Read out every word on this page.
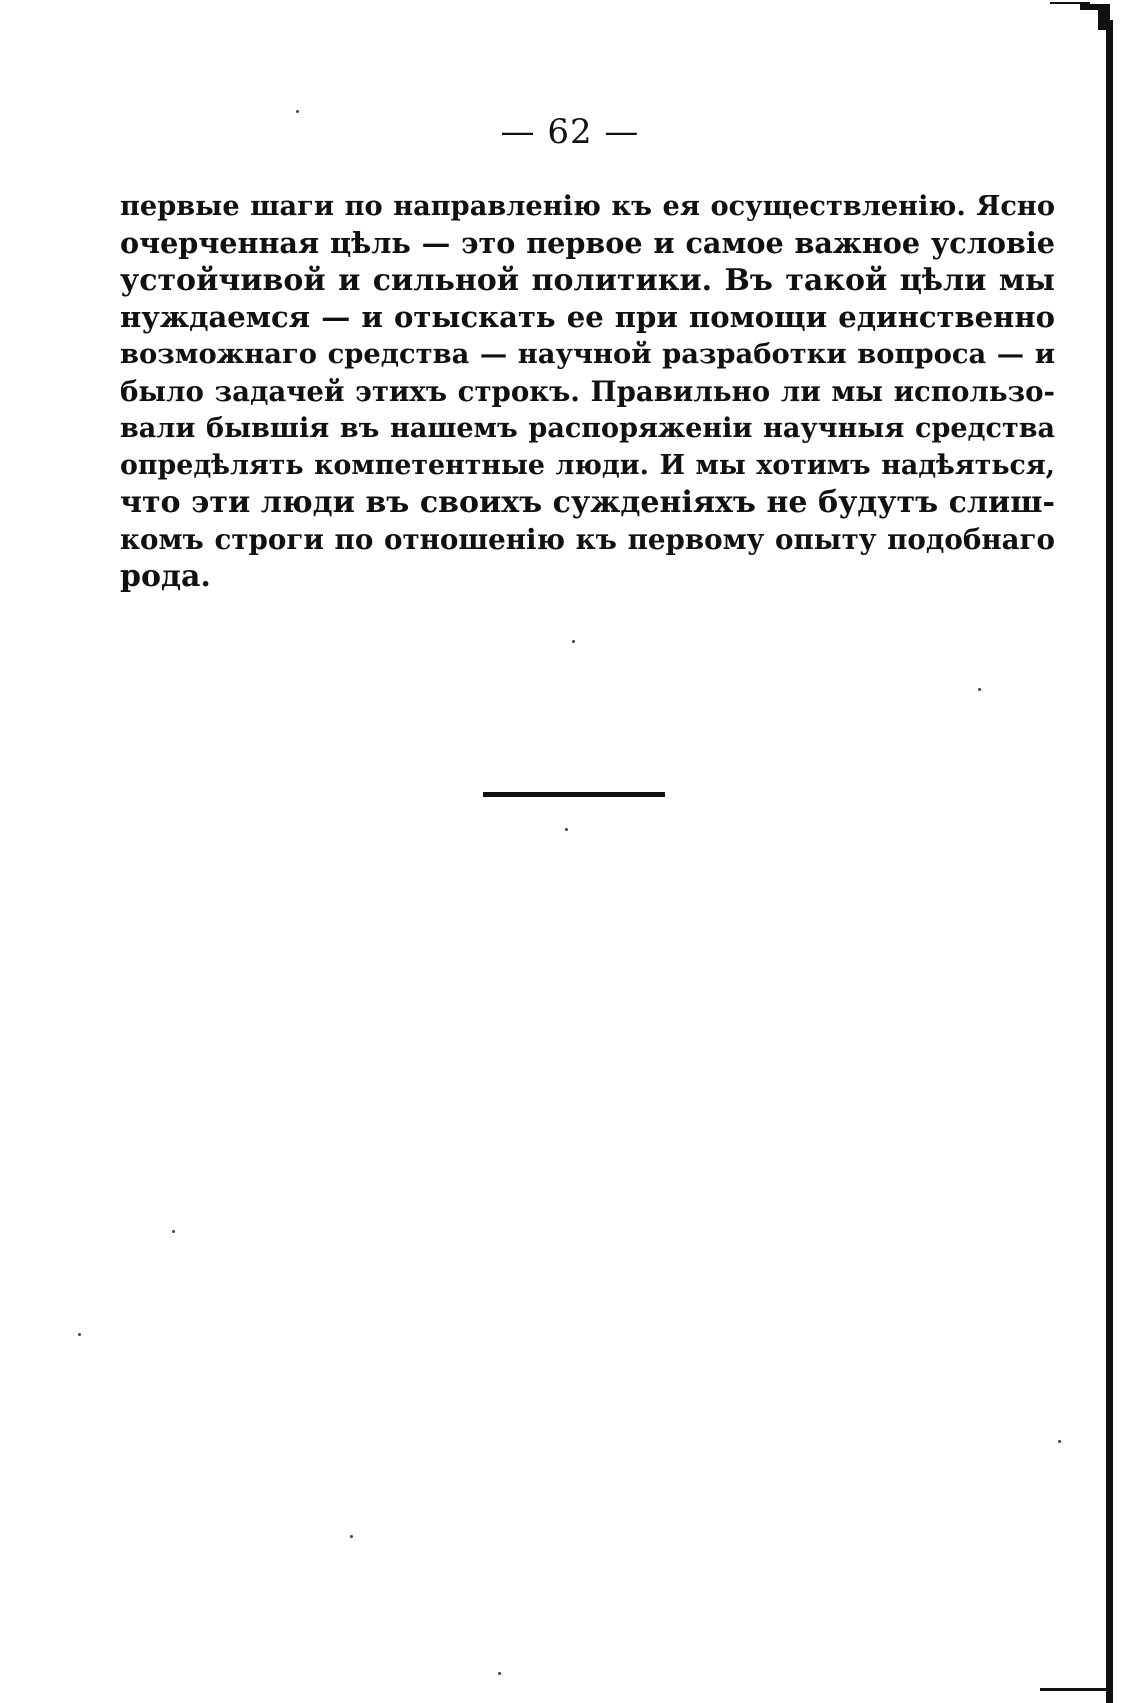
— 62 —
первые шаги по направленію къ ея осуществленію. Ясно
очерченная цѣль — это первое и самое важное условіе
устойчивой и сильной политики. Въ такой цѣли мы
нуждаемся — и отыскать ее при помощи единственно
возможнаго средства — научной разработки вопроса — и
было задачей этихъ строкъ. Правильно ли мы использо-
вали бывшія въ нашемъ распоряженіи научныя средства
опредѣлять компетентные люди. И мы хотимъ надѣяться,
что эти люди въ своихъ сужденіяхъ не будутъ слиш-
комъ строги по отношенію къ первому опыту подобнаго
рода.
